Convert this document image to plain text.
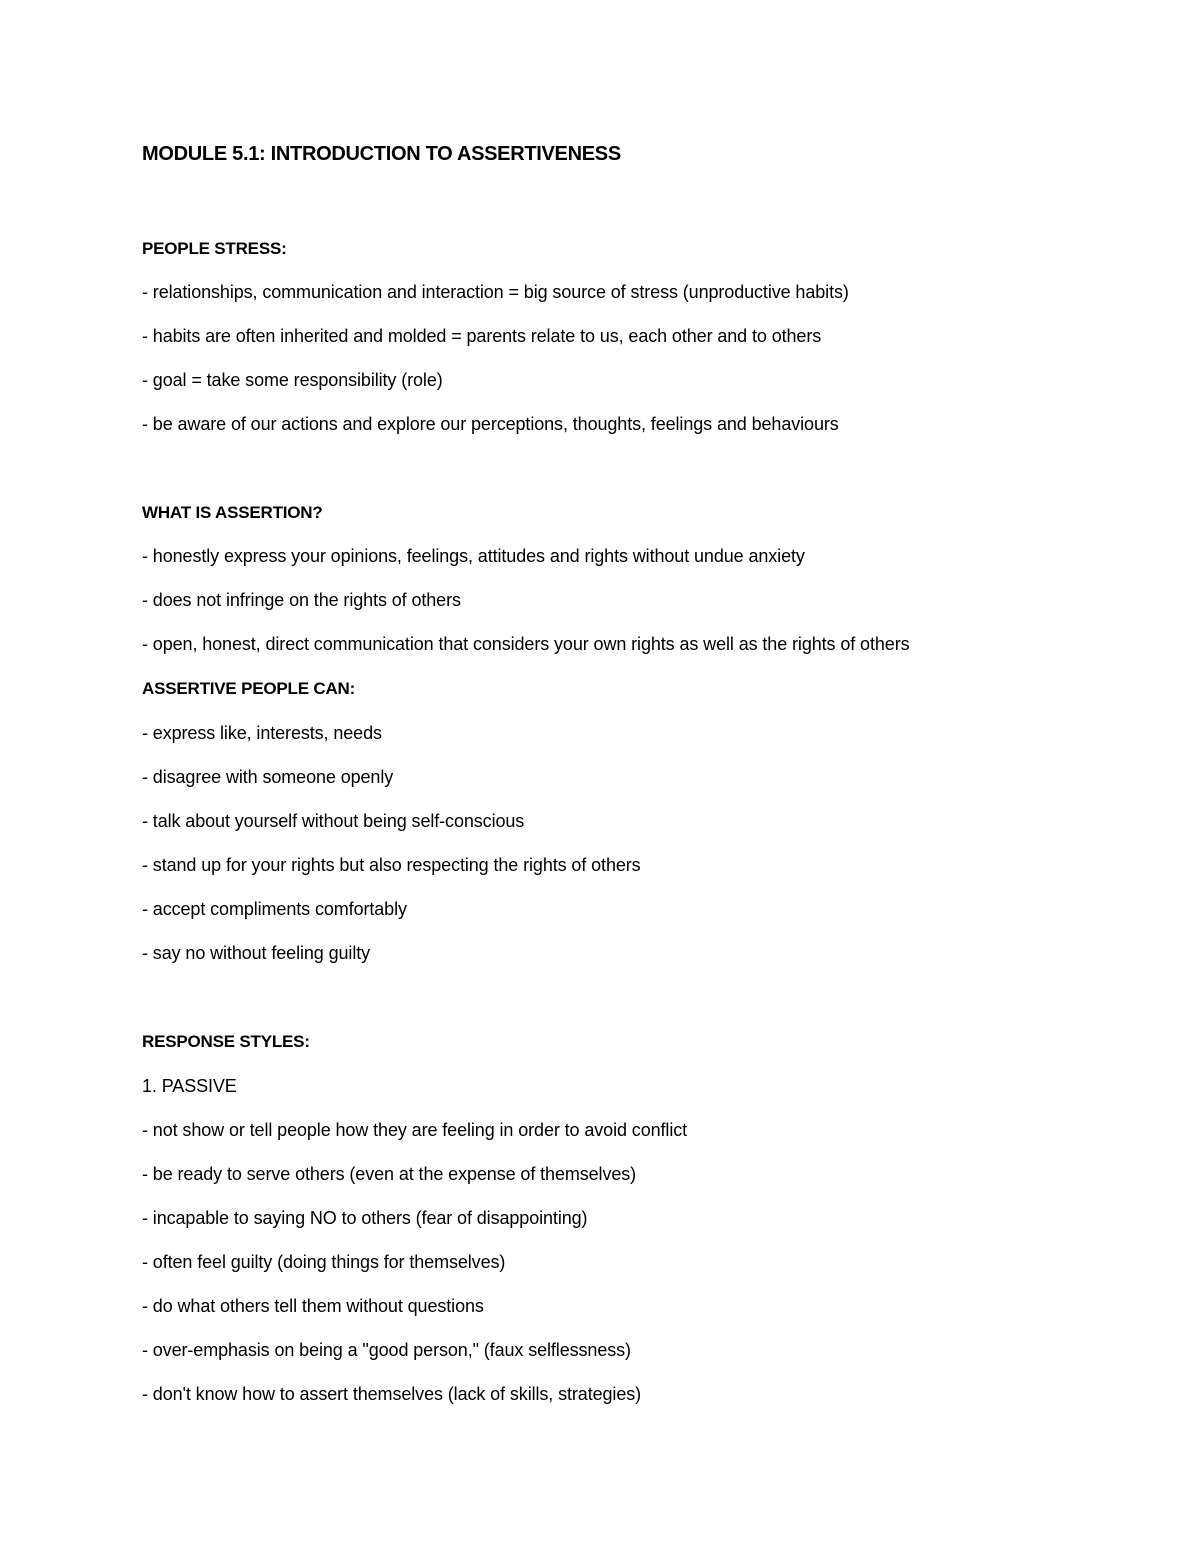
MODULE 5.1: INTRODUCTION TO ASSERTIVENESS
PEOPLE STRESS:
- relationships, communication and interaction = big source of stress (unproductive habits)
- habits are often inherited and molded = parents relate to us, each other and to others
- goal = take some responsibility (role)
- be aware of our actions and explore our perceptions, thoughts, feelings and behaviours
WHAT IS ASSERTION?
- honestly express your opinions, feelings, attitudes and rights without undue anxiety
- does not infringe on the rights of others
- open, honest, direct communication that considers your own rights as well as the rights of others
ASSERTIVE PEOPLE CAN:
- express like, interests, needs
- disagree with someone openly
- talk about yourself without being self-conscious
- stand up for your rights but also respecting the rights of others
- accept compliments comfortably
- say no without feeling guilty
RESPONSE STYLES:
1. PASSIVE
- not show or tell people how they are feeling in order to avoid conflict
- be ready to serve others (even at the expense of themselves)
- incapable to saying NO to others (fear of disappointing)
- often feel guilty (doing things for themselves)
- do what others tell them without questions
- over-emphasis on being a "good person," (faux selflessness)
- don't know how to assert themselves (lack of skills, strategies)
